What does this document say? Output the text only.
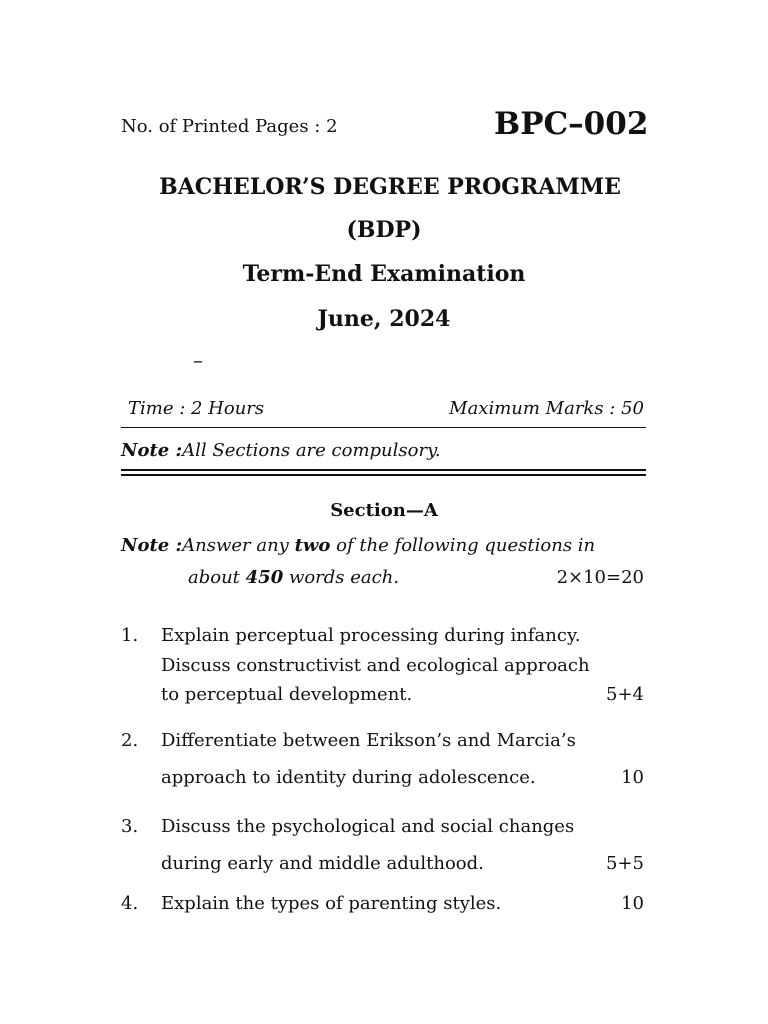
No. of Printed Pages : 2	BPC–002
BACHELOR’S DEGREE PROGRAMME
(BDP)
Term-End Examination
June, 2024
–
Time : 2 Hours	Maximum Marks : 50
Note :All Sections are compulsory.
Section—A
Note :Answer any two of the following questions in
about 450 words each.	2×10=20
1. Explain perceptual processing during infancy.
Discuss constructivist and ecological approach
to perceptual development.	5+4
2. Differentiate between Erikson’s and Marcia’s
approach to identity during adolescence.	10
3. Discuss the psychological and social changes
during early and middle adulthood.	5+5
4. Explain the types of parenting styles.	10
